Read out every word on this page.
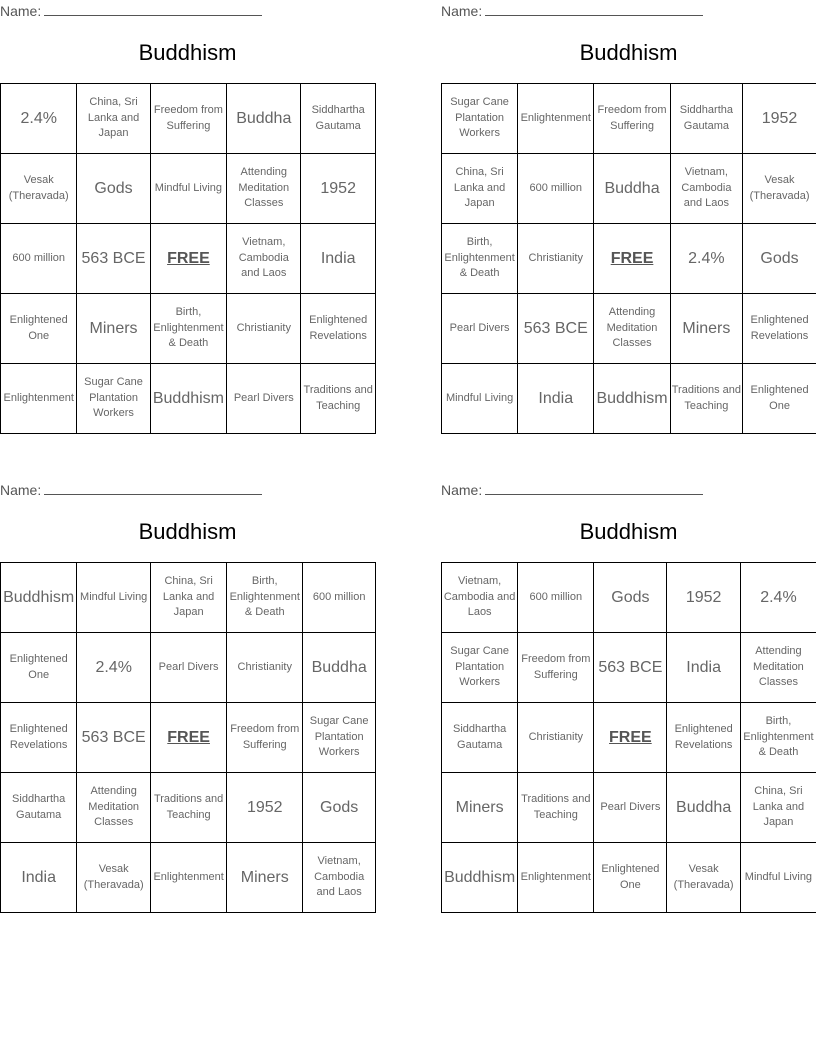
Name:
Buddhism
2.4%	China, Sri Lanka and Japan	Freedom from Suffering	Buddha	Siddhartha Gautama
Vesak (Theravada)	Gods	Mindful Living	Attending Meditation Classes	1952
600 million	563 BCE	FREE	Vietnam, Cambodia and Laos	India
Enlightened One	Miners	Birth, Enlightenment & Death	Christianity	Enlightened Revelations
Enlightenment	Sugar Cane Plantation Workers	Buddhism	Pearl Divers	Traditions and Teaching
Name:
Buddhism
Sugar Cane Plantation Workers	Enlightenment	Freedom from Suffering	Siddhartha Gautama	1952
China, Sri Lanka and Japan	600 million	Buddha	Vietnam, Cambodia and Laos	Vesak (Theravada)
Birth, Enlightenment & Death	Christianity	FREE	2.4%	Gods
Pearl Divers	563 BCE	Attending Meditation Classes	Miners	Enlightened Revelations
Mindful Living	India	Buddhism	Traditions and Teaching	Enlightened One
Name:
Buddhism
Buddhism	Mindful Living	China, Sri Lanka and Japan	Birth, Enlightenment & Death	600 million
Enlightened One	2.4%	Pearl Divers	Christianity	Buddha
Enlightened Revelations	563 BCE	FREE	Freedom from Suffering	Sugar Cane Plantation Workers
Siddhartha Gautama	Attending Meditation Classes	Traditions and Teaching	1952	Gods
India	Vesak (Theravada)	Enlightenment	Miners	Vietnam, Cambodia and Laos
Name:
Buddhism
Vietnam, Cambodia and Laos	600 million	Gods	1952	2.4%
Sugar Cane Plantation Workers	Freedom from Suffering	563 BCE	India	Attending Meditation Classes
Siddhartha Gautama	Christianity	FREE	Enlightened Revelations	Birth, Enlightenment & Death
Miners	Traditions and Teaching	Pearl Divers	Buddha	China, Sri Lanka and Japan
Buddhism	Enlightenment	Enlightened One	Vesak (Theravada)	Mindful Living
